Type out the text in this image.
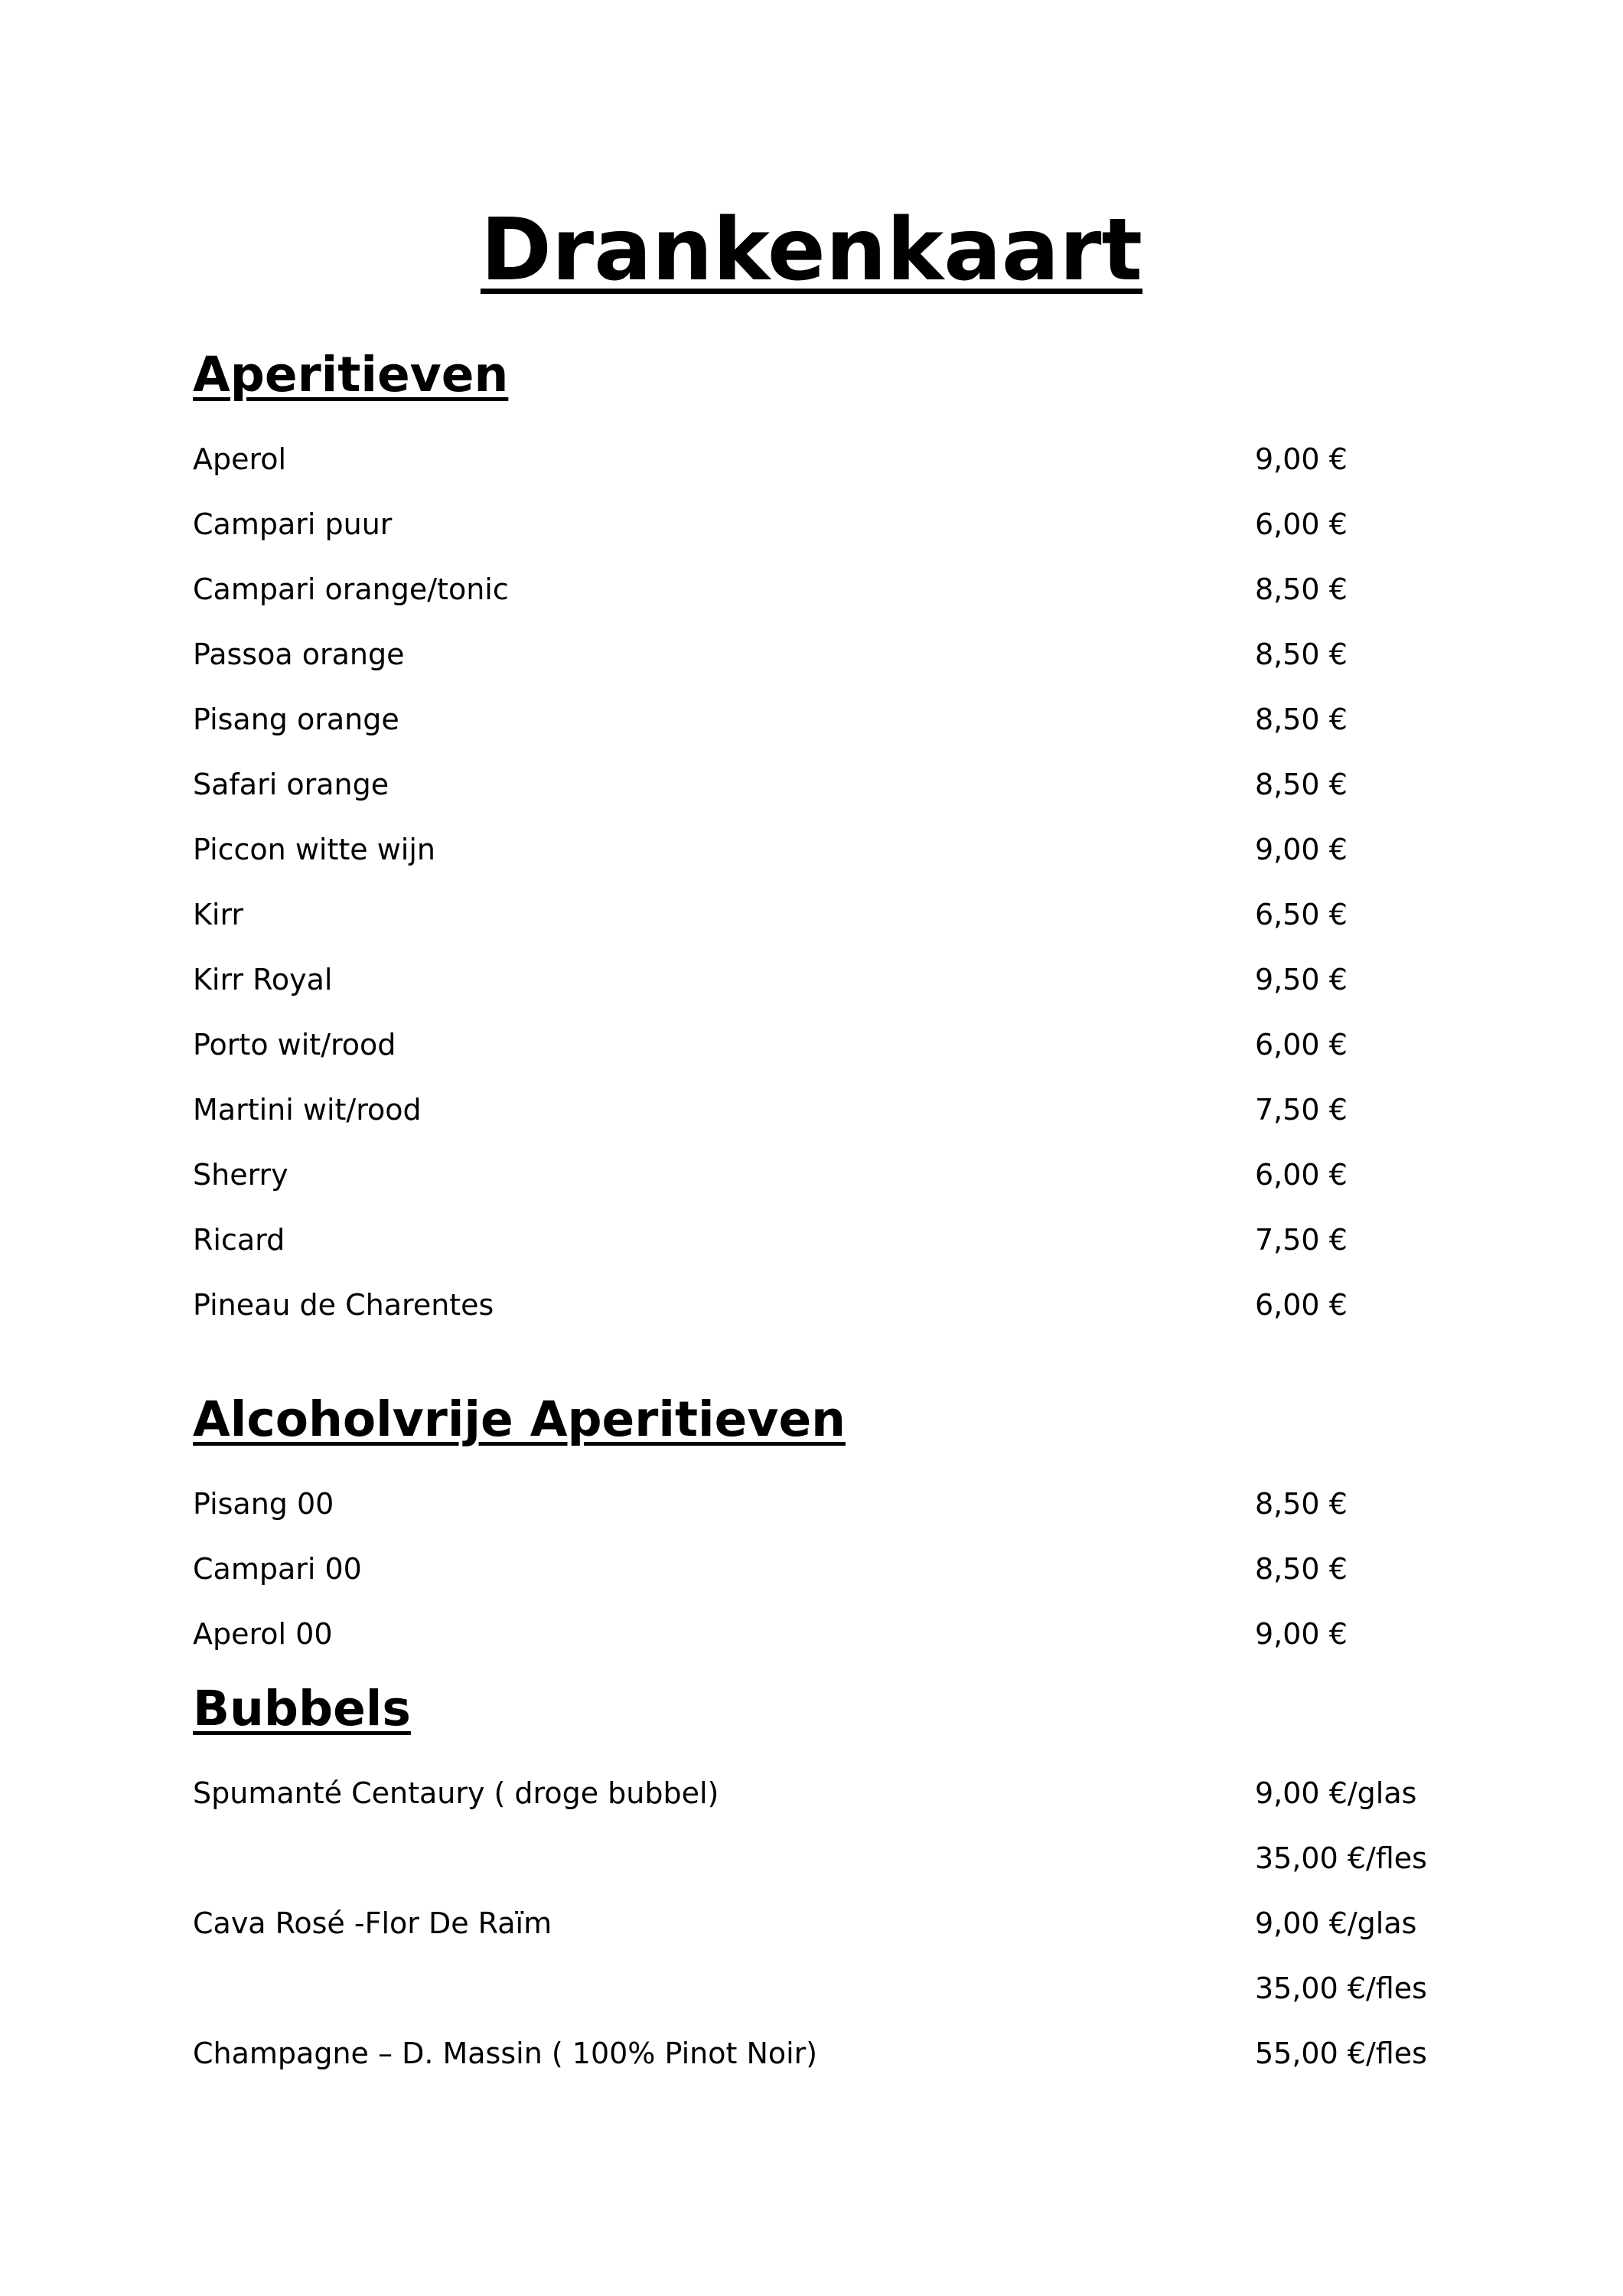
Drankenkaart
Aperitieven
Aperol	9,00 €
Campari puur	6,00 €
Campari orange/tonic	8,50 €
Passoa orange	8,50 €
Pisang orange	8,50 €
Safari orange	8,50 €
Piccon witte wijn	9,00 €
Kirr	6,50 €
Kirr Royal	9,50 €
Porto wit/rood	6,00 €
Martini wit/rood	7,50 €
Sherry	6,00 €
Ricard	7,50 €
Pineau de Charentes	6,00 €
Alcoholvrije Aperitieven
Pisang 00	8,50 €
Campari 00	8,50 €
Aperol 00	9,00 €
Bubbels
Spumanté Centaury ( droge bubbel)	9,00 €/glas
35,00 €/fles
Cava Rosé -Flor De Raïm	9,00 €/glas
35,00 €/fles
Champagne – D. Massin ( 100% Pinot Noir)	55,00 €/fles
